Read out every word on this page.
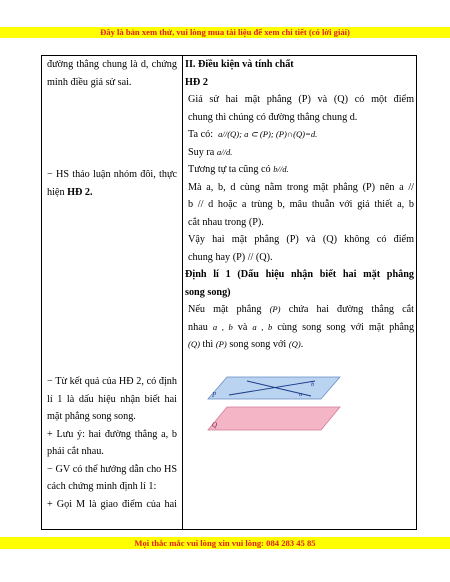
Đây là bản xem thử, vui lòng mua tài liệu để xem chi tiết (có lời giải)
đường thẳng chung là d, chứng
minh điều giả sử sai.
− HS thảo luận nhóm đôi, thực
hiện HĐ 2.
− Từ kết quả của HĐ 2, có định
lí 1 là dấu hiệu nhận biết hai
mặt phẳng song song.
+ Lưu ý: hai đường thẳng a, b
phải cắt nhau.
− GV có thể hướng dẫn cho HS
cách chứng minh định lí 1:
+ Gọi M là giao điểm của hai
II. Điều kiện và tính chất
HĐ 2
Giả sử hai mặt phẳng (P) và (Q) có một điểm
chung thì chúng có đường thẳng chung d.
Ta có: a//(Q); a ⊂ (P); (P)∩(Q)=d.
Suy ra a//d.
Tương tự ta cũng có b//d.
Mà a, b, d cùng nằm trong mặt phẳng (P) nên a //
b // d hoặc a trùng b, mâu thuẫn với giả thiết a, b
cắt nhau trong (P).
Vậy hai mặt phẳng (P) và (Q) không có điểm
chung hay (P) // (Q).
Định lí 1 (Dấu hiệu nhận biết hai mặt phẳng
song song)
Nếu mặt phẳng (P) chứa hai đường thẳng cắt
nhau a , b và a , b cùng song song với mặt phẳng
(Q) thì (P) song song với (Q).
P	a
b
Q
Mọi thắc mắc vui lòng xin vui lòng: 084 283 45 85
